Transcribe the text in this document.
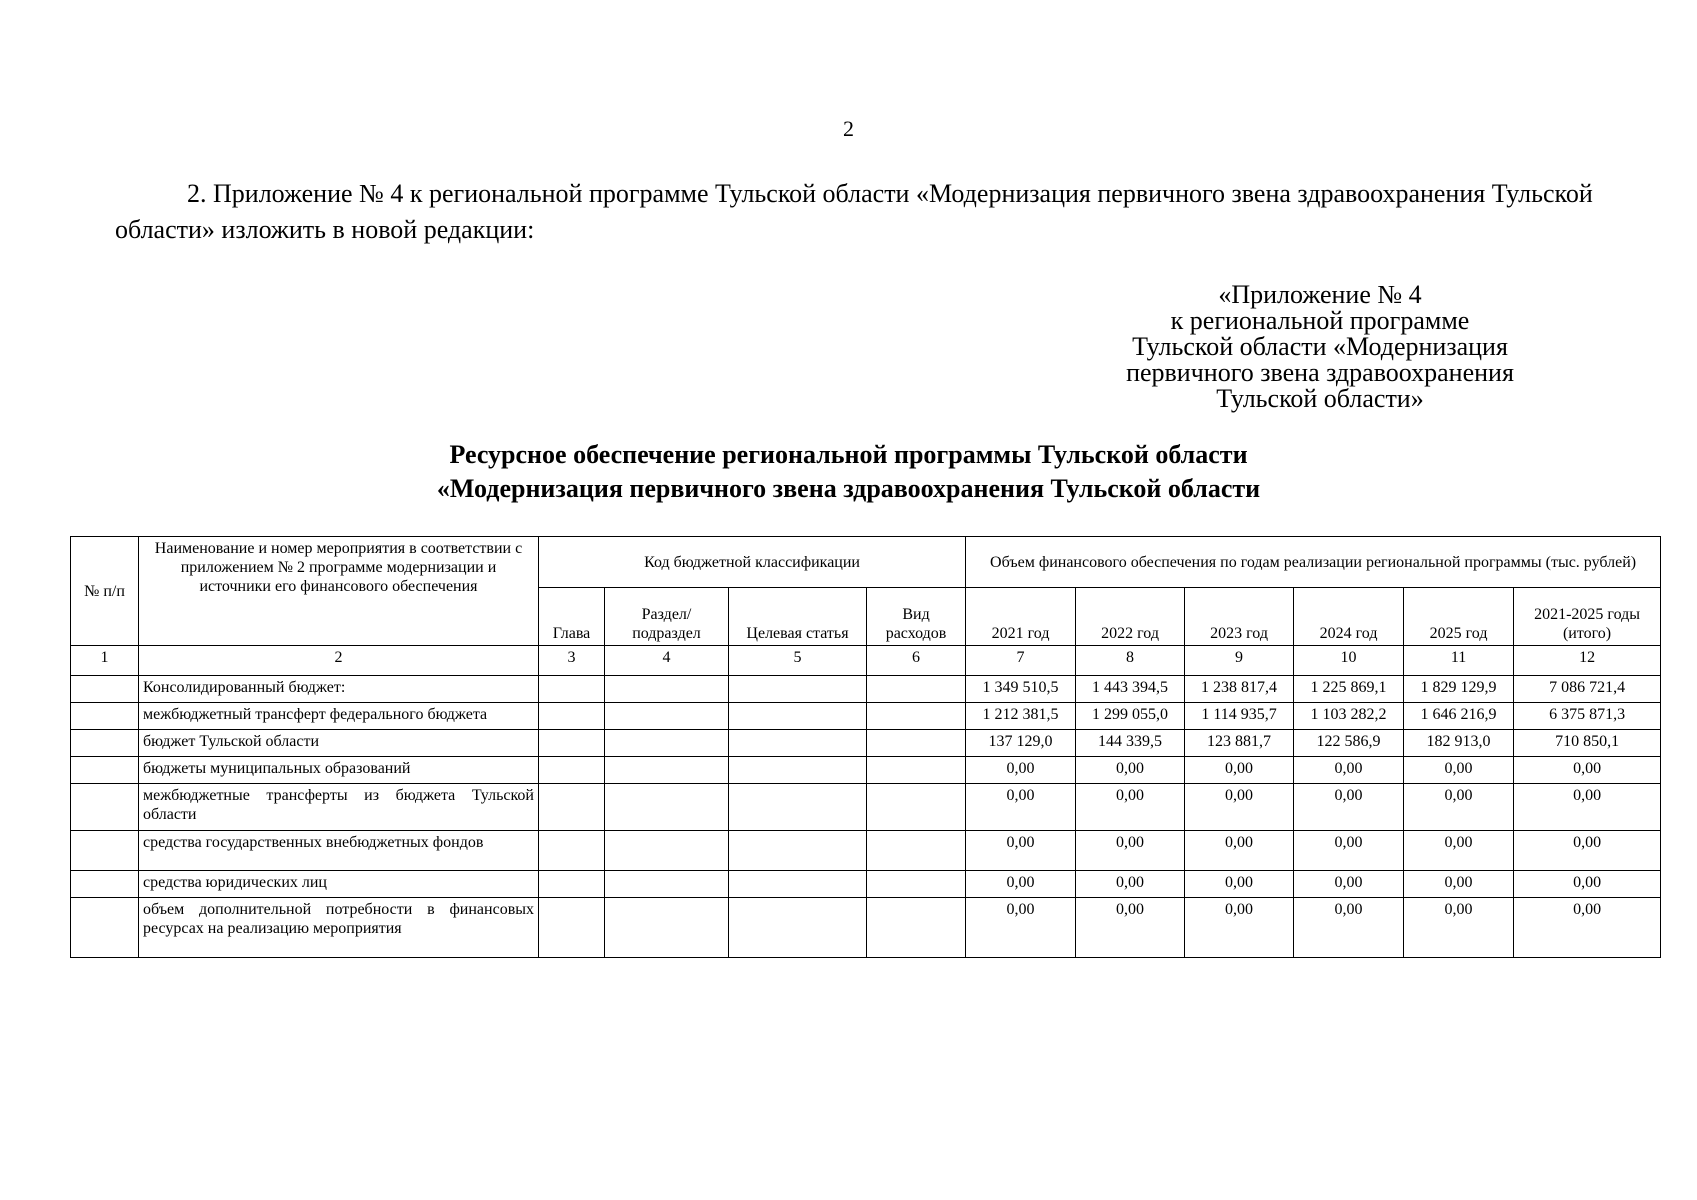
2
2. Приложение № 4 к региональной программе Тульской области «Модернизация первичного звена здравоохранения Тульской области» изложить в новой редакции:
«Приложение № 4
к региональной программе
Тульской области «Модернизация
первичного звена здравоохранения
Тульской области»
Ресурсное обеспечение региональной программы Тульской области
«Модернизация первичного звена здравоохранения Тульской области
№ п/п	Наименование и номер мероприятия в соответствии с приложением № 2 программе модернизации и источники его финансового обеспечения	Код бюджетной классификации				Объем финансового обеспечения по годам реализации региональной программы (тыс. рублей)					
		Глава	Раздел/ подраздел	Целевая статья	Вид расходов	2021 год	2022 год	2023 год	2024 год	2025 год	2021-2025 годы (итого)
1	2	3	4	5	6	7	8	9	10	11	12

	Консолидированный бюджет:					1 349 510,5	1 443 394,5	1 238 817,4	1 225 869,1	1 829 129,9	7 086 721,4

	межбюджетный трансферт федерального бюджета					1 212 381,5	1 299 055,0	1 114 935,7	1 103 282,2	1 646 216,9	6 375 871,3

	бюджет Тульской области					137 129,0	144 339,5	123 881,7	122 586,9	182 913,0	710 850,1

	бюджеты муниципальных образований					0,00	0,00	0,00	0,00	0,00	0,00

	межбюджетные трансферты из бюджета Тульской области					0,00	0,00	0,00	0,00	0,00	0,00

	средства государственных внебюджетных фондов					0,00	0,00	0,00	0,00	0,00	0,00

	средства юридических лиц					0,00	0,00	0,00	0,00	0,00	0,00

	объем дополнительной потребности в финансовых ресурсах на реализацию мероприятия					0,00	0,00	0,00	0,00	0,00	0,00
